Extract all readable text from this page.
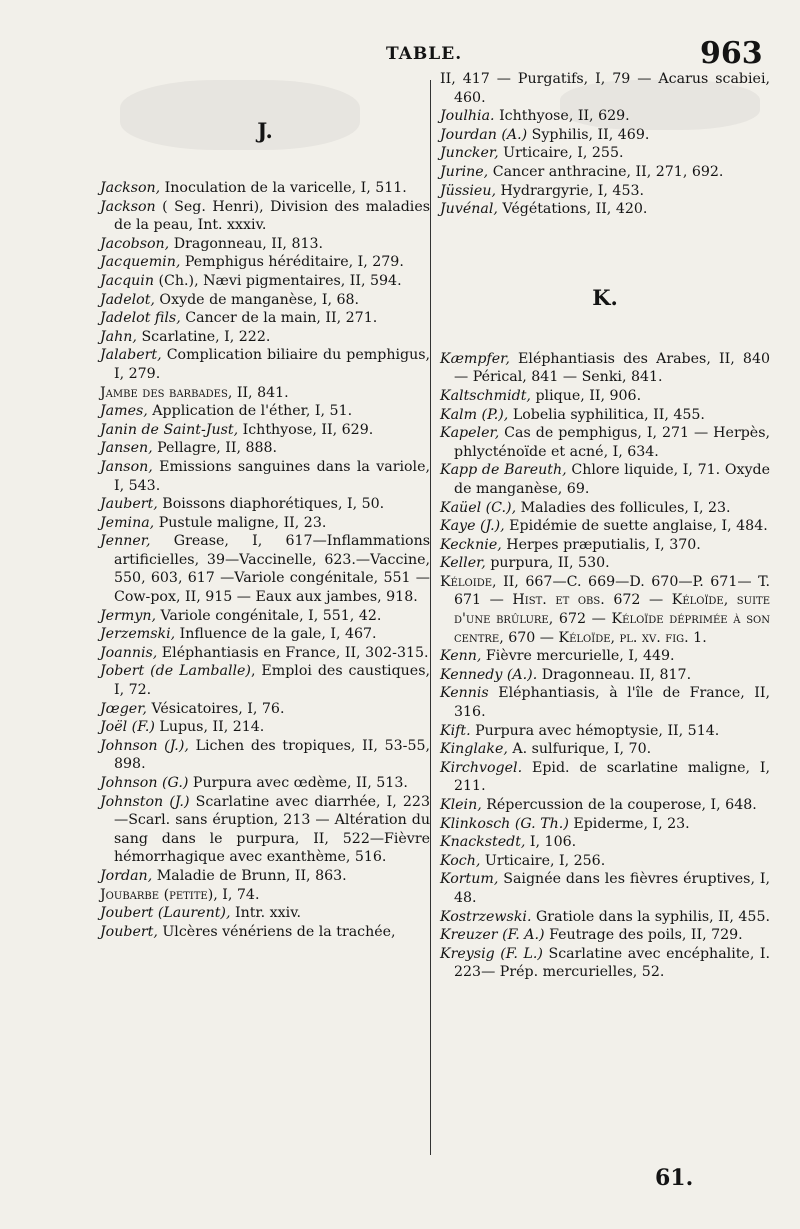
TABLE.	963

J.

Jackson, Inoculation de la varicelle, I, 511.

Jackson ( Seg. Henri), Division des maladies de la peau, Int. xxxiv.

Jacobson, Dragonneau, II, 813.

Jacquemin, Pemphigus héréditaire, I, 279.

Jacquin (Ch.), Nævi pigmentaires, II, 594.

Jadelot, Oxyde de manganèse, I, 68.

Jadelot fils, Cancer de la main, II, 271.

Jahn, Scarlatine, I, 222.

Jalabert, Complication biliaire du pemphigus, I, 279.

Jambe des barbades, II, 841.

James, Application de l'éther, I, 51.

Janin de Saint-Just, Ichthyose, II, 629.

Jansen, Pellagre, II, 888.

Janson, Emissions sanguines dans la variole, I, 543.

Jaubert, Boissons diaphorétiques, I, 50.

Jemina, Pustule maligne, II, 23.

Jenner, Grease, I, 617—Inflammations artificielles, 39—Vaccinelle, 623.—Vaccine, 550, 603, 617 —Variole congénitale, 551 — Cow-pox, II, 915 — Eaux aux jambes, 918.

Jermyn, Variole congénitale, I, 551, 42.

Jerzemski, Influence de la gale, I, 467.

Joannis, Eléphantiasis en France, II, 302-315.

Jobert (de Lamballe), Emploi des caustiques, I, 72.

Jœger, Vésicatoires, I, 76.

Joël (F.) Lupus, II, 214.

Johnson (J.), Lichen des tropiques, II, 53-55, 898.

Johnson (G.) Purpura avec œdème, II, 513.

Johnston (J.) Scarlatine avec diarrhée, I, 223—Scarl. sans éruption, 213 — Altération du sang dans le purpura, II, 522—Fièvre hémorrhagique avec exanthème, 516.

Jordan, Maladie de Brunn, II, 863.

Joubarbe (petite), I, 74.

Joubert (Laurent), Intr. xxiv.

Joubert, Ulcères vénériens de la trachée,

II, 417 — Purgatifs, I, 79 — Acarus scabiei, 460.

Joulhia. Ichthyose, II, 629.

Jourdan (A.) Syphilis, II, 469.

Juncker, Urticaire, I, 255.

Jurine, Cancer anthracine, II, 271, 692.

Jüssieu, Hydrargyrie, I, 453.

Juvénal, Végétations, II, 420.

K.

Kæmpfer, Eléphantiasis des Arabes, II, 840 — Pérical, 841 — Senki, 841.

Kaltschmidt, plique, II, 906.

Kalm (P.), Lobelia syphilitica, II, 455.

Kapeler, Cas de pemphigus, I, 271 — Herpès, phlycténoïde et acné, I, 634.

Kapp de Bareuth, Chlore liquide, I, 71. Oxyde de manganèse, 69.

Kaüel (C.), Maladies des follicules, I, 23.

Kaye (J.), Epidémie de suette anglaise, I, 484.

Kecknie, Herpes præputialis, I, 370.

Keller, purpura, II, 530.

Kéloide, II, 667—C. 669—D. 670—P. 671— T. 671 — Hist. et obs. 672 — Kéloïde, suite d'une brûlure, 672 — Kéloïde déprimée à son centre, 670 — Kéloïde, pl. xv. fig. 1.

Kenn, Fièvre mercurielle, I, 449.

Kennedy (A.). Dragonneau. II, 817.

Kennis Eléphantiasis, à l'île de France, II, 316.

Kift. Purpura avec hémoptysie, II, 514.

Kinglake, A. sulfurique, I, 70.

Kirchvogel. Epid. de scarlatine maligne, I, 211.

Klein, Répercussion de la couperose, I, 648.

Klinkosch (G. Th.) Epiderme, I, 23.

Knackstedt, I, 106.

Koch, Urticaire, I, 256.

Kortum, Saignée dans les fièvres éruptives, I, 48.

Kostrzewski. Gratiole dans la syphilis, II, 455.

Kreuzer (F. A.) Feutrage des poils, II, 729.

Kreysig (F. L.) Scarlatine avec encéphalite, I. 223— Prép. mercurielles, 52.

61.
